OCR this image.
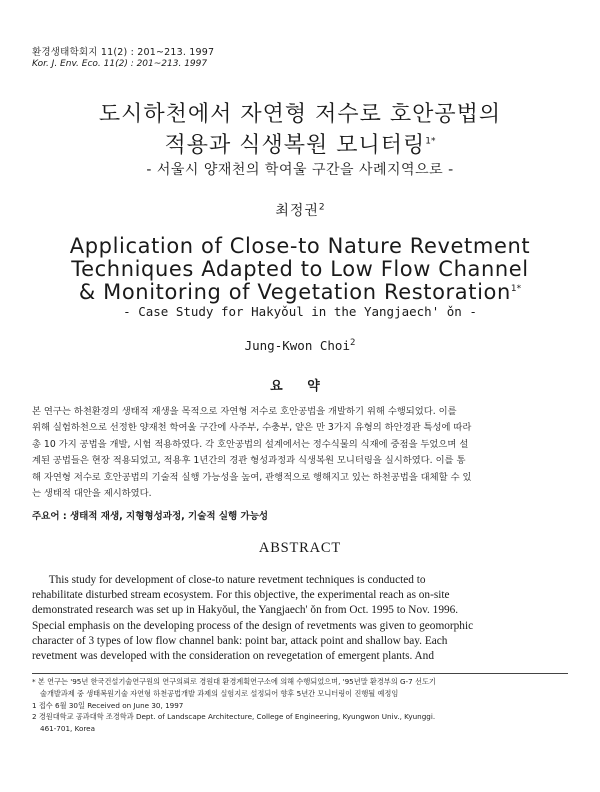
환경생태학회지 11(2) : 201~213. 1997
Kor. J. Env. Eco. 11(2) : 201~213. 1997
도시하천에서 자연형 저수로 호안공법의
적용과 식생복원 모니터링$^{1*}$
- 서울시 양재천의 학여울 구간을 사례지역으로 -
최정권$^2$
Application of Close-to Nature Revetment
Techniques Adapted to Low Flow Channel
& Monitoring of Vegetation Restoration$^{1*}$
- Case Study for Hakyǒul in the Yangjaech' ǒn -
Jung-Kwon Choi$^2$
요 약
본 연구는 하천환경의 생태적 재생을 목적으로 자연형 저수로 호안공법을 개발하기 위해 수행되었다. 이를
위해 실험하천으로 선정한 양재천 학여울 구간에 사주부, 수충부, 얕은 만 3가지 유형의 하안경관 특성에 따라
총 10 가지 공법을 개발, 시험 적용하였다. 각 호안공법의 설계에서는 정수식물의 식재에 중점을 두었으며 설
계된 공법들은 현장 적용되었고, 적용후 1년간의 경관 형성과정과 식생복원 모니터링을 실시하였다. 이를 통
해 자연형 저수로 호안공법의 기술적 실행 가능성을 높여, 관행적으로 행해지고 있는 하천공법을 대체할 수 있
는 생태적 대안을 제시하였다.
주요어 : 생태적 재생, 지형형성과정, 기술적 실행 가능성
ABSTRACT
This study for development of close-to nature revetment techniques is conducted to
rehabilitate disturbed stream ecosystem. For this objective, the experimental reach as on-site
demonstrated research was set up in Hakyǒul, the Yangjaech' ǒn from Oct. 1995 to Nov. 1996.
Special emphasis on the developing process of the design of revetments was given to geomorphic
character of 3 types of low flow channel bank: point bar, attack point and shallow bay. Each
revetment was developed with the consideration on revegetation of emergent plants. And
* 본 연구는 '95년 한국건설기술연구원의 연구의뢰로 경원대 환경계획연구소에 의해 수행되었으며, '95년말 환경부의 G-7 선도기
술개발과제 중 생태복원기술 자연형 하천공법개발 과제의 실험지로 설정되어 향후 5년간 모니터링이 진행될 예정임
1 접수 6월 30일 Received on June 30, 1997
2 경원대학교 공과대학 조경학과 Dept. of Landscape Architecture, College of Engineering, Kyungwon Univ., Kyunggi.
461-701, Korea
